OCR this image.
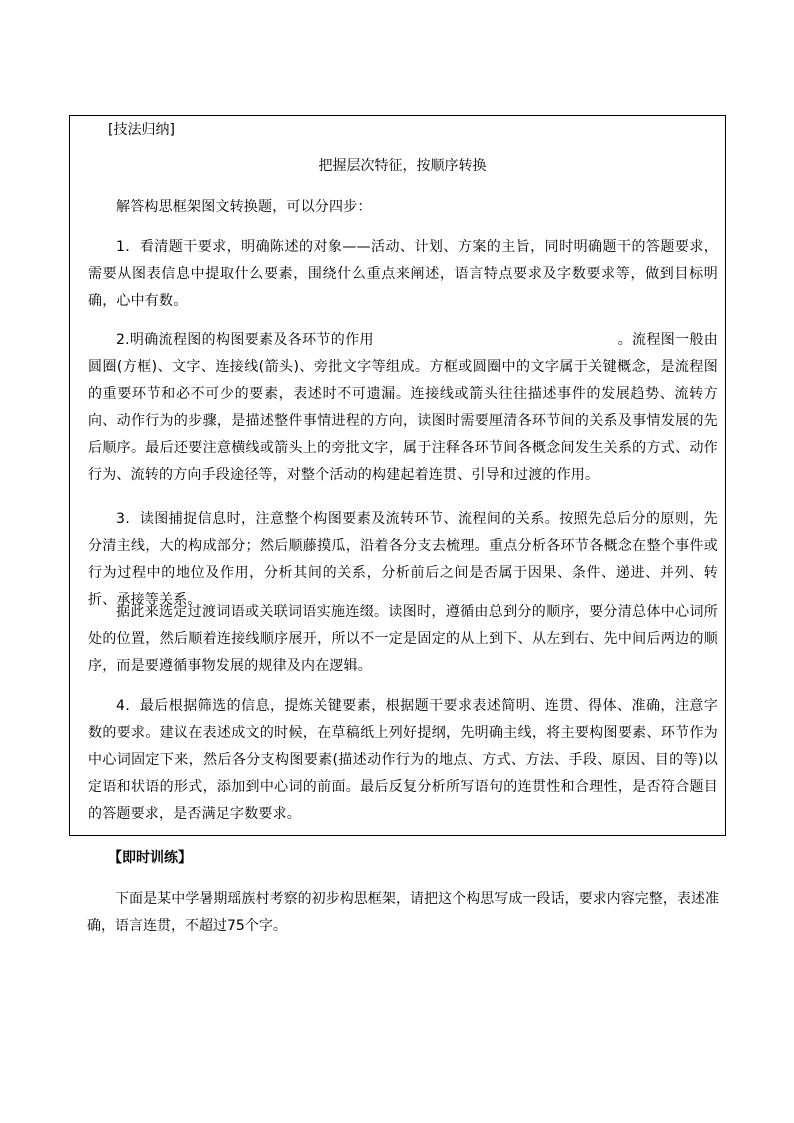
[技法归纳]
把握层次特征，按顺序转换

解答构思框架图文转换题，可以分四步：

1．看清题干要求，明确陈述的对象——活动、计划、方案的主旨，同时明确题干的答题要求，需要从图表信息中提取什么要素，围绕什么重点来阐述，语言特点要求及字数要求等，做到目标明确，心中有数。

2.明确流程图的构图要素及各环节的作用　　　　　　　　　　　　　　　　　。流程图一般由圆圈(方框)、文字、连接线(箭头)、旁批文字等组成。方框或圆圈中的文字属于关键概念，是流程图的重要环节和必不可少的要素，表述时不可遗漏。连接线或箭头往往描述事件的发展趋势、流转方向、动作行为的步骤，是描述整件事情进程的方向，读图时需要厘清各环节间的关系及事情发展的先后顺序。最后还要注意横线或箭头上的旁批文字，属于注释各环节间各概念间发生关系的方式、动作行为、流转的方向手段途径等，对整个活动的构建起着连贯、引导和过渡的作用。

3．读图捕捉信息时，注意整个构图要素及流转环节、流程间的关系。按照先总后分的原则，先分清主线，大的构成部分；然后顺藤摸瓜，沿着各分支去梳理。重点分析各环节各概念在整个事件或行为过程中的地位及作用，分析其间的关系，分析前后之间是否属于因果、条件、递进、并列、转折、承接等关系。

据此来选定过渡词语或关联词语实施连缀。读图时，遵循由总到分的顺序，要分清总体中心词所处的位置，然后顺着连接线顺序展开，所以不一定是固定的从上到下、从左到右、先中间后两边的顺序，而是要遵循事物发展的规律及内在逻辑。

4．最后根据筛选的信息，提炼关键要素，根据题干要求表述简明、连贯、得体、准确，注意字数的要求。建议在表述成文的时候，在草稿纸上列好提纲，先明确主线，将主要构图要素、环节作为中心词固定下来，然后各分支构图要素(描述动作行为的地点、方式、方法、手段、原因、目的等)以定语和状语的形式，添加到中心词的前面。最后反复分析所写语句的连贯性和合理性，是否符合题目的答题要求，是否满足字数要求。

【即时训练】

下面是某中学暑期瑶族村考察的初步构思框架，请把这个构思写成一段话，要求内容完整，表述准确，语言连贯，不超过75个字。
